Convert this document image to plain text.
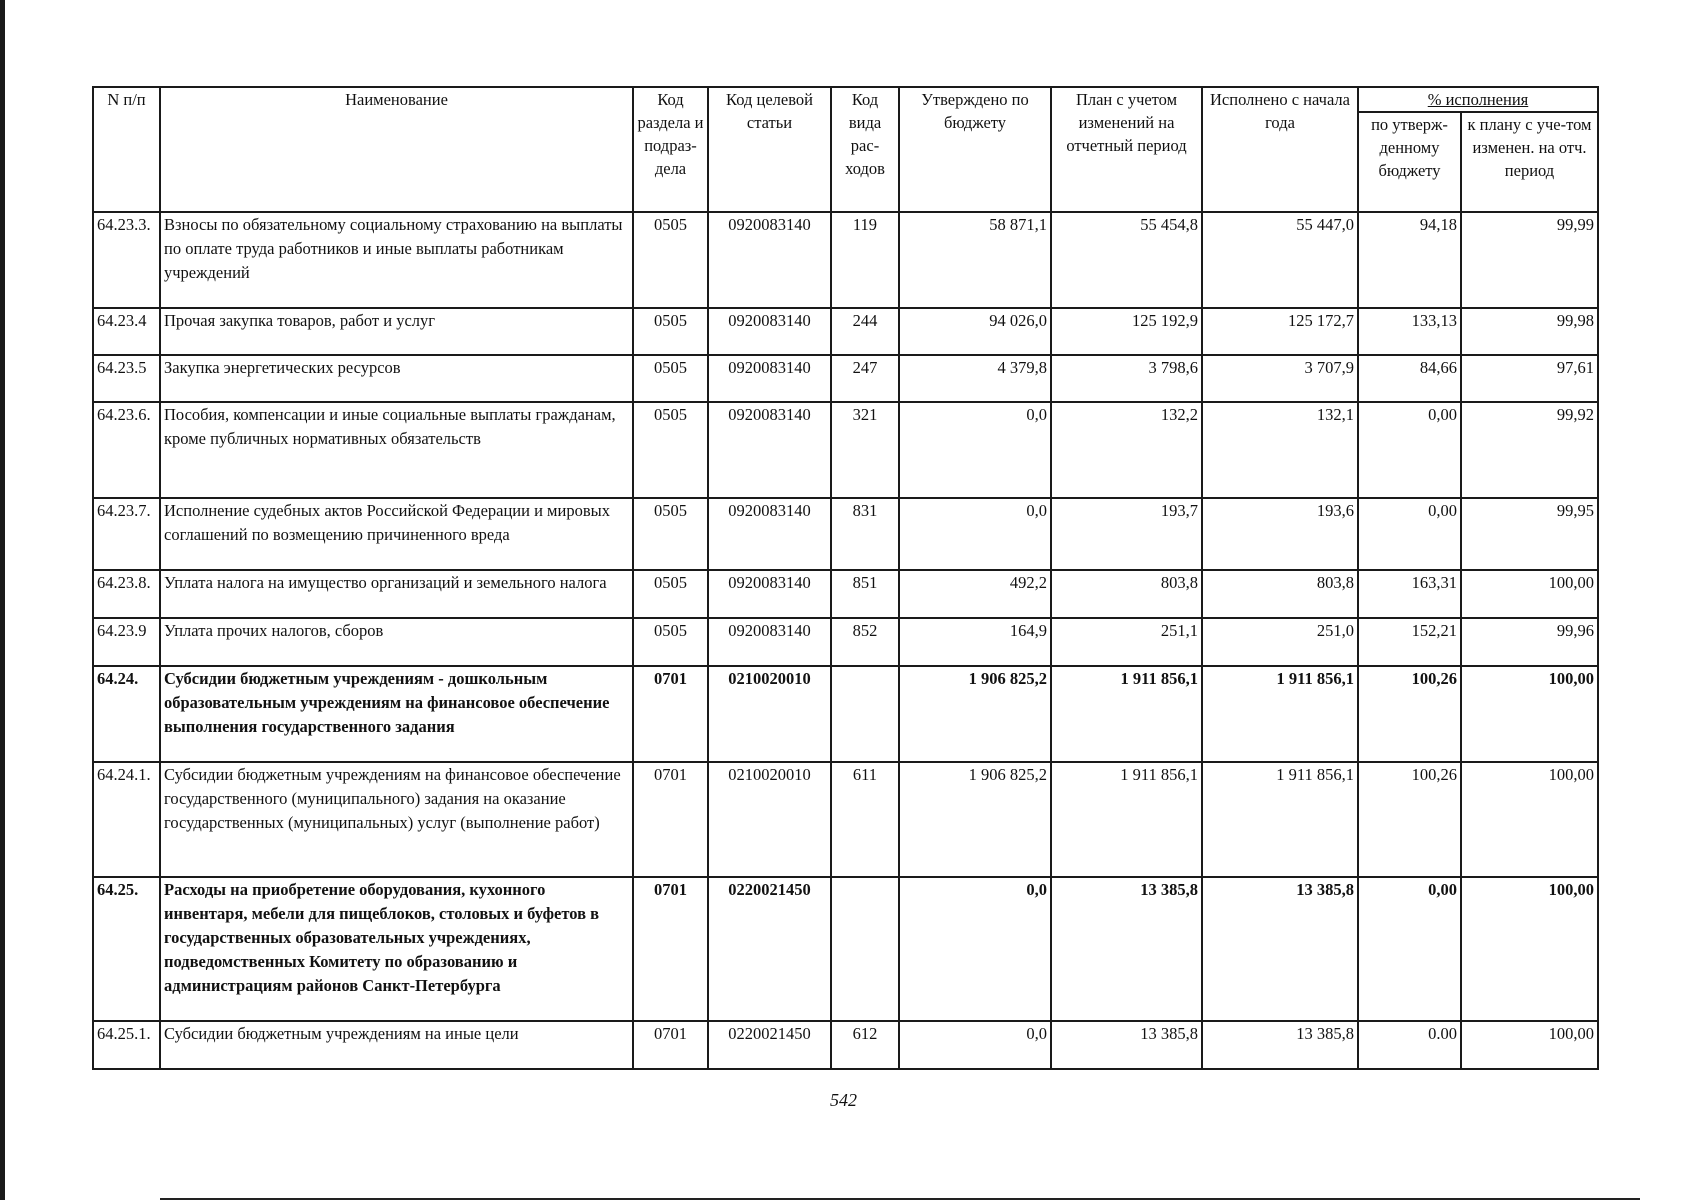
N п/п	Наименование	Код раздела и подраз-дела	Код целевой статьи	Код вида рас-ходов	Утверждено по бюджету	План с учетом изменений на отчетный период	Исполнено с начала года	% исполнения	
								по утверж-денному бюджету	к плану с уче-том изменен. на отч. период
64.23.3.	Взносы по обязательному социальному страхованию на выплаты по оплате труда работников и иные выплаты работникам учреждений	0505	0920083140	119	58 871,1	55 454,8	55 447,0	94,18	99,99
64.23.4	Прочая закупка товаров, работ и услуг	0505	0920083140	244	94 026,0	125 192,9	125 172,7	133,13	99,98
64.23.5	Закупка энергетических ресурсов	0505	0920083140	247	4 379,8	3 798,6	3 707,9	84,66	97,61
64.23.6.	Пособия, компенсации и иные социальные выплаты гражданам, кроме публичных нормативных обязательств	0505	0920083140	321	0,0	132,2	132,1	0,00	99,92
64.23.7.	Исполнение судебных актов Российской Федерации и мировых соглашений по возмещению причиненного вреда	0505	0920083140	831	0,0	193,7	193,6	0,00	99,95
64.23.8.	Уплата налога на имущество организаций и земельного налога	0505	0920083140	851	492,2	803,8	803,8	163,31	100,00
64.23.9	Уплата прочих налогов, сборов	0505	0920083140	852	164,9	251,1	251,0	152,21	99,96
64.24.	Субсидии бюджетным учреждениям - дошкольным образовательным учреждениям на финансовое обеспечение выполнения государственного задания	0701	0210020010		1 906 825,2	1 911 856,1	1 911 856,1	100,26	100,00
64.24.1.	Субсидии бюджетным учреждениям на финансовое обеспечение государственного (муниципального) задания на оказание государственных (муниципальных) услуг (выполнение работ)	0701	0210020010	611	1 906 825,2	1 911 856,1	1 911 856,1	100,26	100,00
64.25.	Расходы на приобретение оборудования, кухонного инвентаря, мебели для пищеблоков, столовых и буфетов в государственных образовательных учреждениях, подведомственных Комитету по образованию и администрациям районов Санкт-Петербурга	0701	0220021450		0,0	13 385,8	13 385,8	0,00	100,00
64.25.1.	Субсидии бюджетным учреждениям на иные цели	0701	0220021450	612	0,0	13 385,8	13 385,8	0.00	100,00
542
